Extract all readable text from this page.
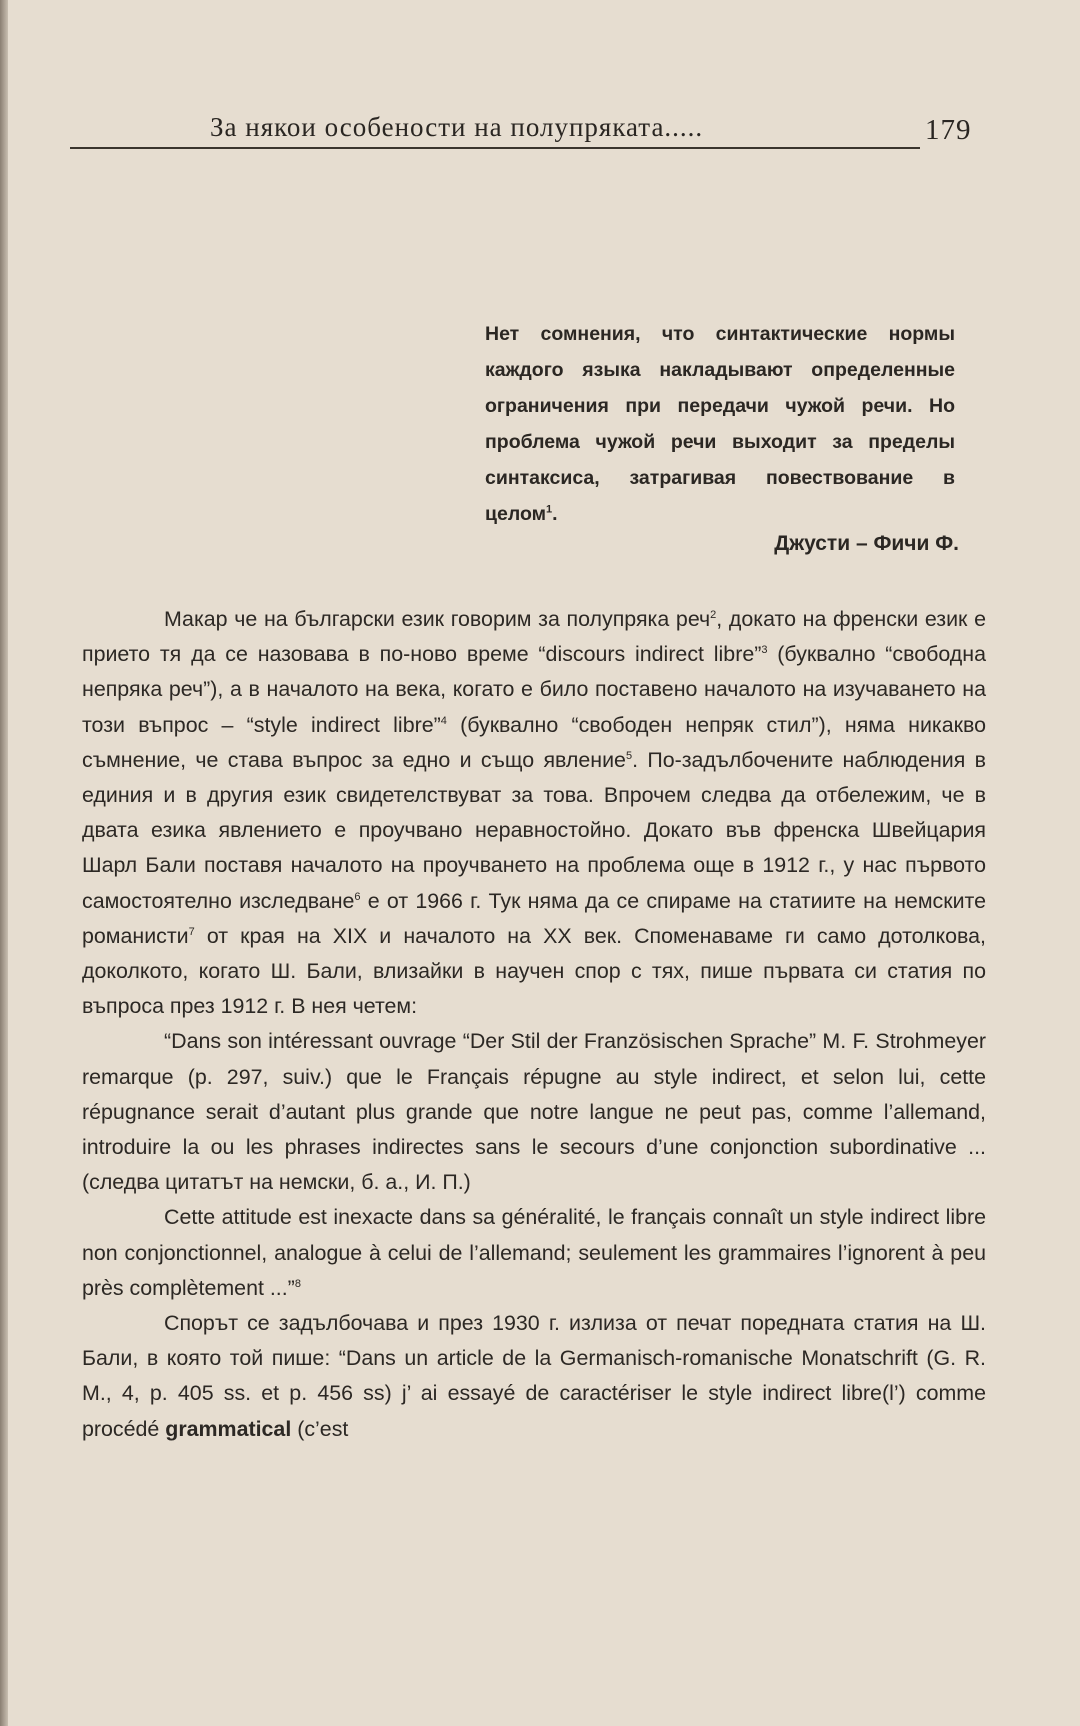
За някои особености на полупряката.....	179
Нет сомнения, что синтактические нормы каждого языка накладывают определенные ограничения при передачи чужой речи. Но проблема чужой речи выходит за пределы синтаксиса, затрагивая повествование в целом$^1$.
Джусти – Фичи Ф.

Макар че на български език говорим за полупряка реч$^2$, докато на френски език е прието тя да се назовава в по-ново време “discours indirect libre”$^3$ (буквално “свободна непряка реч”), а в началото на века, когато е било поставено началото на изучаването на този въпрос – “style indirect libre”$^4$ (буквално “свободен непряк стил”), няма никакво съмнение, че става въпрос за едно и също явление$^5$. По-задълбочените наблюдения в единия и в другия език свидетелствуват за това. Впрочем следва да отбележим, че в двата езика явлението е проучвано неравностойно. Докато във френска Швейцария Шарл Бали поставя началото на проучването на проблема още в 1912 г., у нас първото самостоятелно изследване$^6$ е от 1966 г. Тук няма да се спираме на статиите на немските романисти$^7$ от края на XIX и началото на XX век. Споменаваме ги само дотолкова, доколкото, когато Ш. Бали, влизайки в научен спор с тях, пише първата си статия по въпроса през 1912 г. В нея четем:

“Dans son intéressant ouvrage “Der Stil der Französischen Sprache” M. F. Strohmeyer remarque (p. 297, suiv.) que le Français répugne au style indirect, et selon lui, cette répugnance serait d’autant plus grande que notre langue ne peut pas, comme l’allemand, introduire la ou les phrases indirectes sans le secours d’une conjonction subordinative ... (следва цитатът на немски, б. а., И. П.)

Cette attitude est inexacte dans sa généralité, le français connaît un style indirect libre non conjonctionnel, analogue à celui de l’allemand; seulement les grammaires l’ignorent à peu près complètement ...”$^8$

Спорът се задълбочава и през 1930 г. излиза от печат поредната статия на Ш. Бали, в която той пише: “Dans un article de la Germanisch-romanische Monatschrift (G. R. M., 4, p. 405 ss. et p. 456 ss) j’ ai essayé de caractériser le style indirect libre(l’) comme procédé grammatical (c’est
